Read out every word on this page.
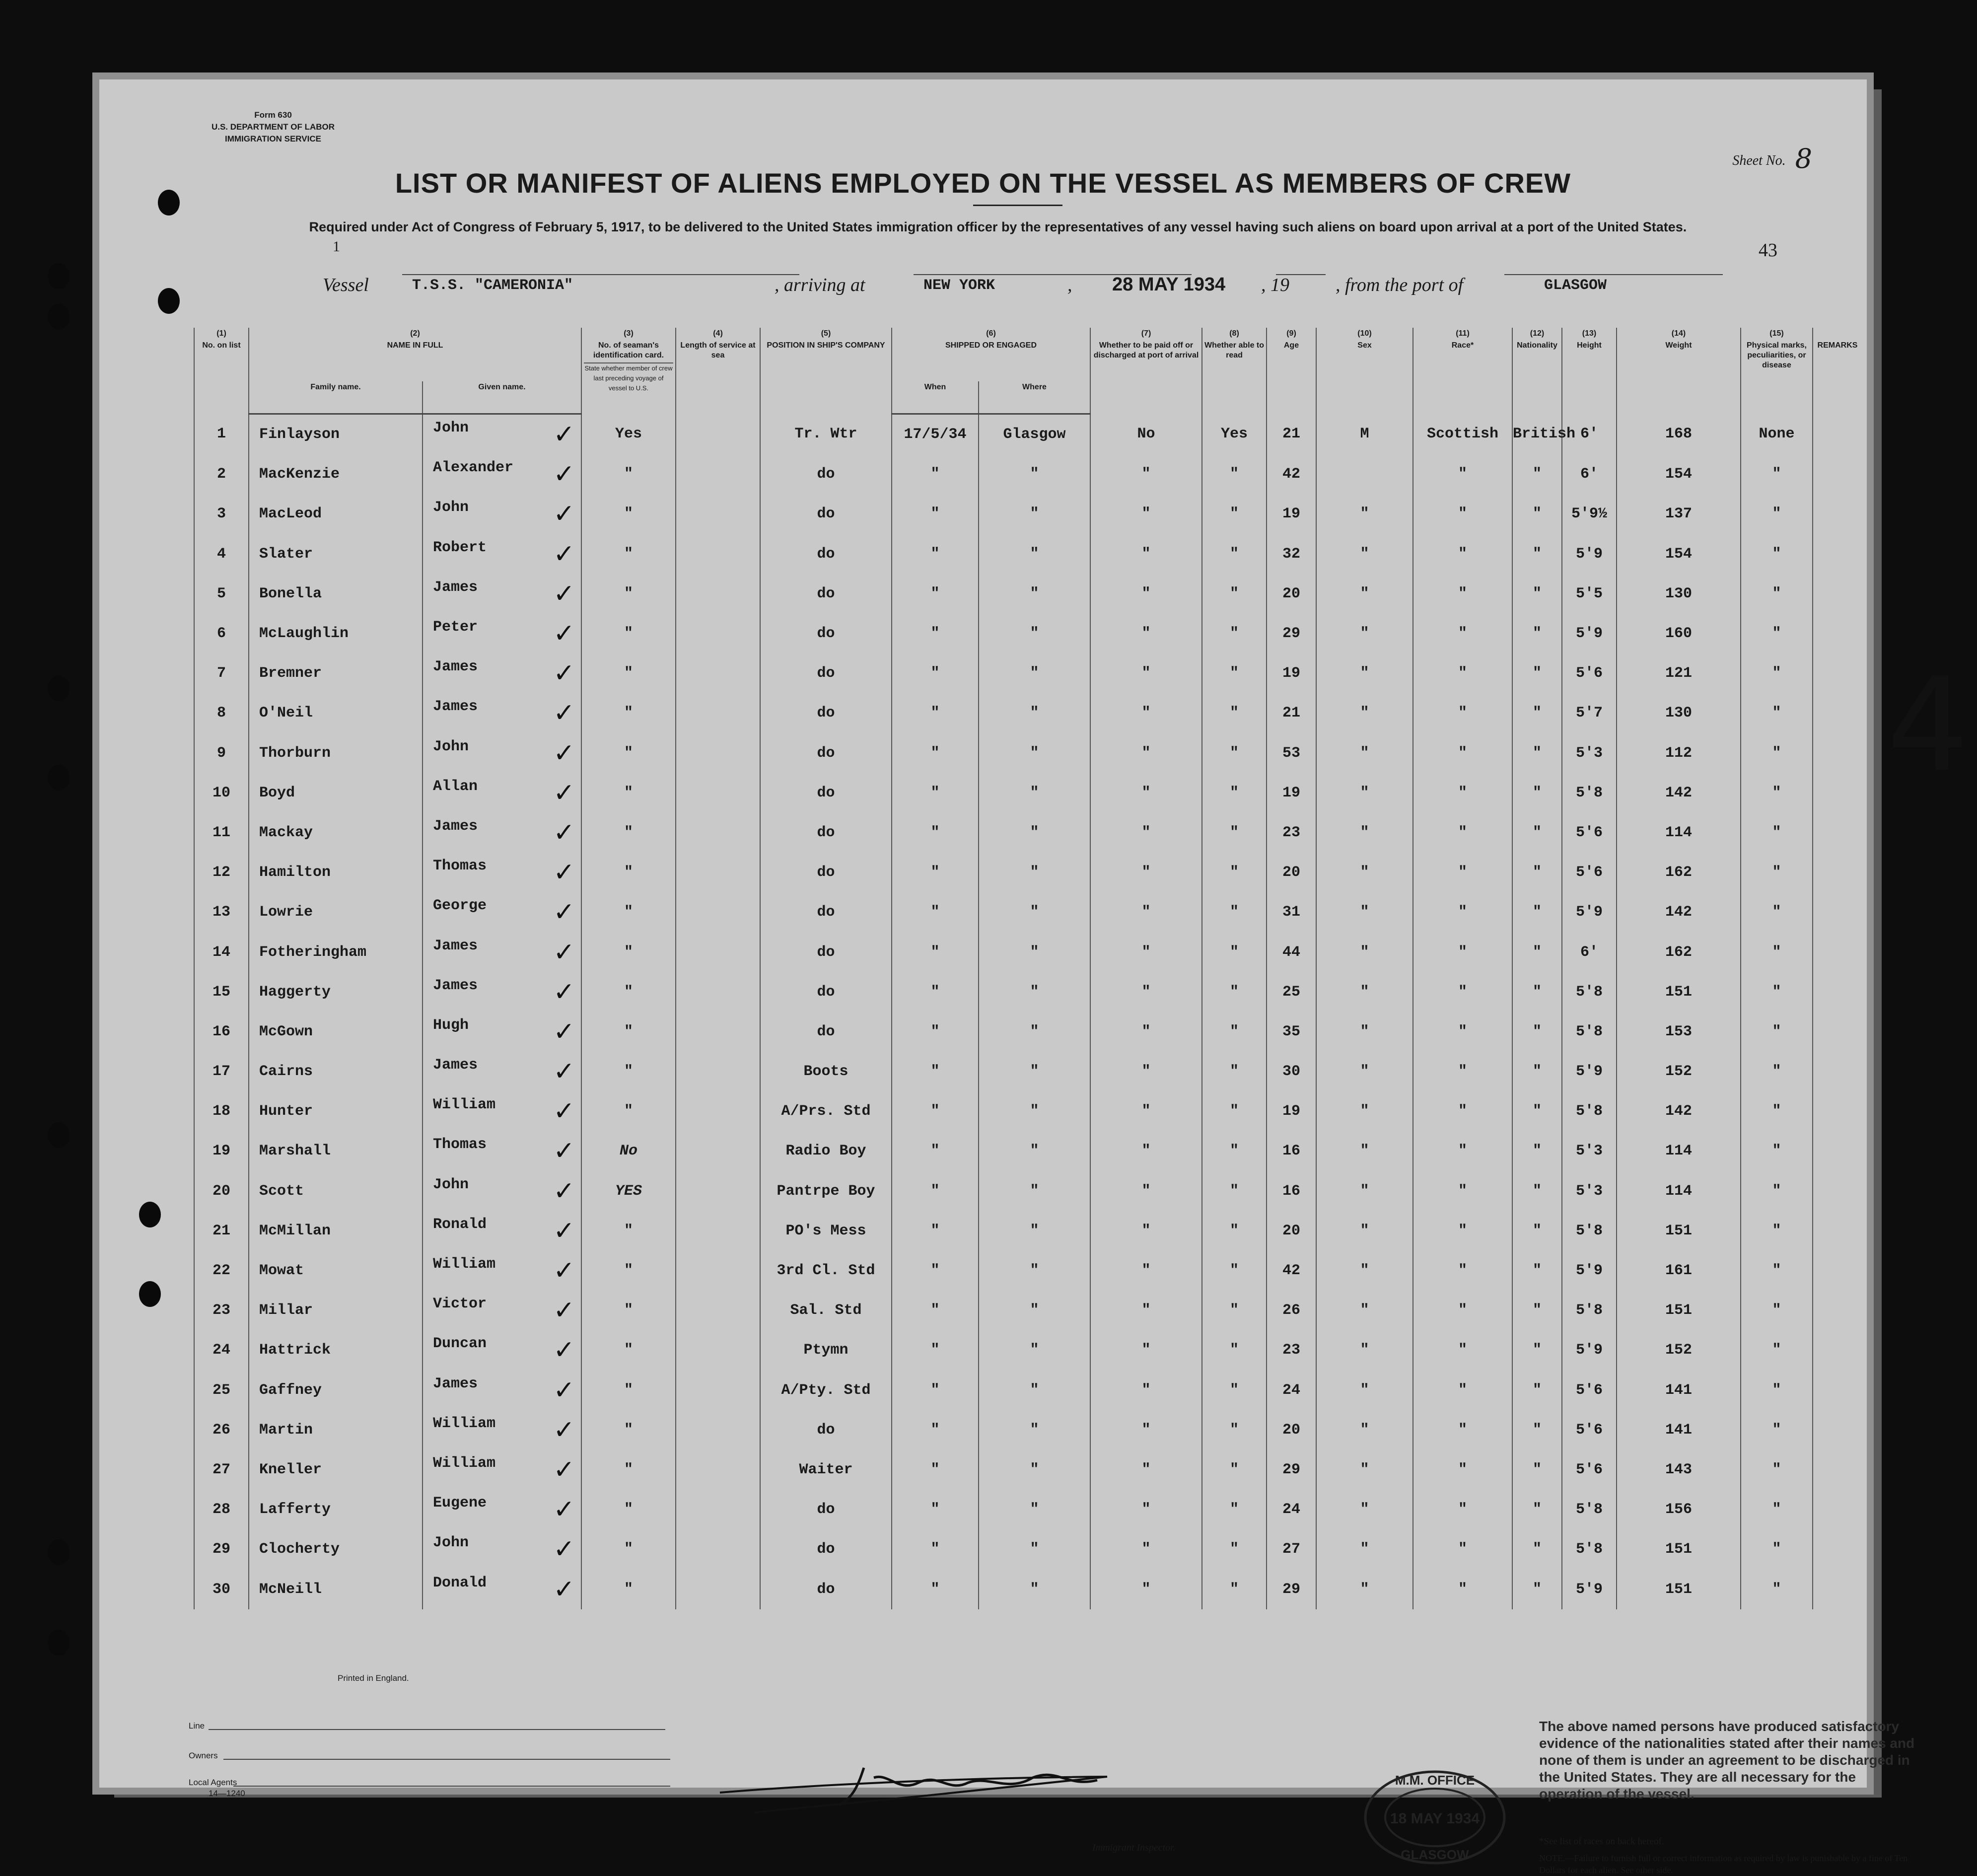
Form 630
U.S. DEPARTMENT OF LABOR
IMMIGRATION SERVICE
1
Sheet No. 8
LIST OR MANIFEST OF ALIENS EMPLOYED ON THE VESSEL AS MEMBERS OF CREW
Required under Act of Congress of February 5, 1917, to be delivered to the United States immigration officer by the representatives of any vessel having such aliens on board upon arrival at a port of the United States.
43
Vessel	T.S.S. "CAMERONIA"	, arriving at	NEW YORK	, 28 MAY 1934 , 19 , from the port of	GLASGOW
(1)	(2)		(3)	(4)	(5)	(6)		(7)	(8)	(9)	(10)	(11)	(12)	(13)	(14)	(15)	
No. on list	NAME IN FULL		No. of seaman's identification card.
State whether member of crew last preceding voyage of vessel to U.S.	Length of service at sea	POSITION IN SHIP'S COMPANY	SHIPPED OR ENGAGED		Whether to be paid off or discharged at port of arrival	Whether able to read	Age	Sex	Race*	Nationality	Height	Weight	Physical marks, peculiarities, or disease	REMARKS
	Family name.	Given name.				When	Where										
1	Finlayson	John ✓	Yes		Tr. Wtr	17/5/34	Glasgow	No	Yes	21	M	Scottish	British	6'	168	None	
2	MacKenzie	Alexander ✓	"		do	"	"	"	"	42		"	"	6'	154	"	
3	MacLeod	John ✓	"		do	"	"	"	"	19	"	"	"	5'9½	137	"	
4	Slater	Robert ✓	"		do	"	"	"	"	32	"	"	"	5'9	154	"	
5	Bonella	James ✓	"		do	"	"	"	"	20	"	"	"	5'5	130	"	
6	McLaughlin	Peter ✓	"		do	"	"	"	"	29	"	"	"	5'9	160	"	
7	Bremner	James ✓	"		do	"	"	"	"	19	"	"	"	5'6	121	"	
8	O'Neil	James ✓	"		do	"	"	"	"	21	"	"	"	5'7	130	"	
9	Thorburn	John ✓	"		do	"	"	"	"	53	"	"	"	5'3	112	"	
10	Boyd	Allan ✓	"		do	"	"	"	"	19	"	"	"	5'8	142	"	
11	Mackay	James ✓	"		do	"	"	"	"	23	"	"	"	5'6	114	"	
12	Hamilton	Thomas ✓	"		do	"	"	"	"	20	"	"	"	5'6	162	"	
13	Lowrie	George ✓	"		do	"	"	"	"	31	"	"	"	5'9	142	"	
14	Fotheringham	James ✓	"		do	"	"	"	"	44	"	"	"	6'	162	"	
15	Haggerty	James ✓	"		do	"	"	"	"	25	"	"	"	5'8	151	"	
16	McGown	Hugh ✓	"		do	"	"	"	"	35	"	"	"	5'8	153	"	
17	Cairns	James ✓	"		Boots	"	"	"	"	30	"	"	"	5'9	152	"	
18	Hunter	William ✓	"		A/Prs. Std	"	"	"	"	19	"	"	"	5'8	142	"	
19	Marshall	Thomas ✓	No		Radio Boy	"	"	"	"	16	"	"	"	5'3	114	"	
20	Scott	John ✓	YES		Pantrpe Boy	"	"	"	"	16	"	"	"	5'3	114	"	
21	McMillan	Ronald ✓	"		PO's Mess	"	"	"	"	20	"	"	"	5'8	151	"	
22	Mowat	William ✓	"		3rd Cl. Std	"	"	"	"	42	"	"	"	5'9	161	"	
23	Millar	Victor ✓	"		Sal. Std	"	"	"	"	26	"	"	"	5'8	151	"	
24	Hattrick	Duncan ✓	"		Ptymn	"	"	"	"	23	"	"	"	5'9	152	"	
25	Gaffney	James ✓	"		A/Pty. Std	"	"	"	"	24	"	"	"	5'6	141	"	
26	Martin	William ✓	"		do	"	"	"	"	20	"	"	"	5'6	141	"	
27	Kneller	William ✓	"		Waiter	"	"	"	"	29	"	"	"	5'6	143	"	
28	Lafferty	Eugene ✓	"		do	"	"	"	"	24	"	"	"	5'8	156	"	
29	Clocherty	John ✓	"		do	"	"	"	"	27	"	"	"	5'8	151	"	
30	McNeill	Donald ✓	"		do	"	"	"	"	29	"	"	"	5'9	151	"	
4
Printed in England.
Line
Owners
Local Agents
14—1240
Immigrant Inspector.
M.M. OFFICE
18 MAY 1934
GLASGOW
The above named persons have produced satisfactory evidence of the nationalities stated after their names and none of them is under an agreement to be discharged in the United States. They are all necessary for the operation of the vessel.
*See list of races on back hereof.
NOTE.—Failure to furnish full or correct information as required by law is punishable by a fine of Ten Dollars for each alien. See other side.
